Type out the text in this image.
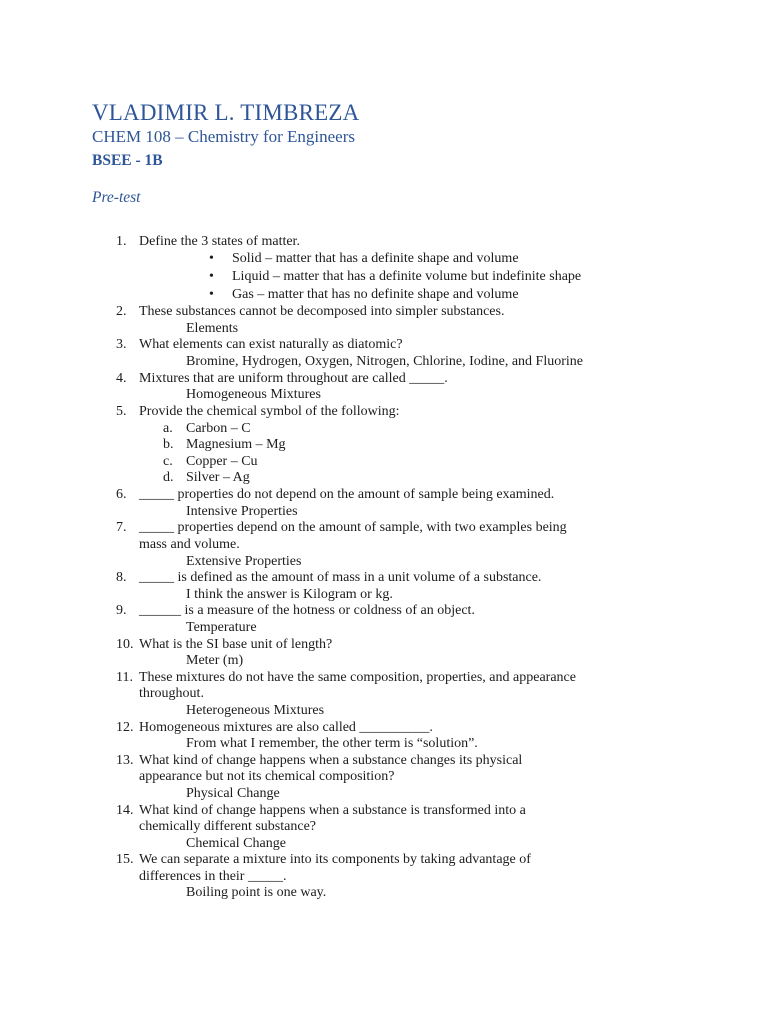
VLADIMIR L. TIMBREZA
CHEM 108 – Chemistry for Engineers
BSEE - 1B
Pre-test
1. Define the 3 states of matter.
• Solid – matter that has a definite shape and volume
• Liquid – matter that has a definite volume but indefinite shape
• Gas – matter that has no definite shape and volume
2. These substances cannot be decomposed into simpler substances.
Elements
3. What elements can exist naturally as diatomic?
Bromine, Hydrogen, Oxygen, Nitrogen, Chlorine, Iodine, and Fluorine
4. Mixtures that are uniform throughout are called _____.
Homogeneous Mixtures
5. Provide the chemical symbol of the following:
a. Carbon – C
b. Magnesium – Mg
c. Copper – Cu
d. Silver – Ag
6. _____ properties do not depend on the amount of sample being examined.
Intensive Properties
7. _____ properties depend on the amount of sample, with two examples being
mass and volume.
Extensive Properties
8. _____ is defined as the amount of mass in a unit volume of a substance.
I think the answer is Kilogram or kg.
9. ______ is a measure of the hotness or coldness of an object.
Temperature
10. What is the SI base unit of length?
Meter (m)
11. These mixtures do not have the same composition, properties, and appearance
throughout.
Heterogeneous Mixtures
12. Homogeneous mixtures are also called __________.
From what I remember, the other term is “solution”.
13. What kind of change happens when a substance changes its physical
appearance but not its chemical composition?
Physical Change
14. What kind of change happens when a substance is transformed into a
chemically different substance?
Chemical Change
15. We can separate a mixture into its components by taking advantage of
differences in their _____.
Boiling point is one way.
